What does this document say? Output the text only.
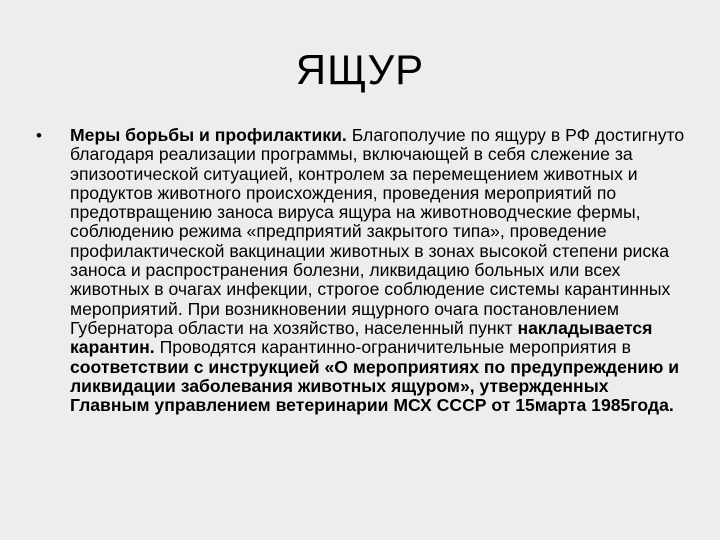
ЯЩУР
• Меры борьбы и профилактики. Благополучие по ящуру в РФ достигнуто благодаря реализации программы, включающей в себя слежение за эпизоотической ситуацией, контролем за перемещением животных и продуктов животного происхождения, проведения мероприятий по предотвращению заноса вируса ящура на животноводческие фермы, соблюдению режима «предприятий закрытого типа», проведение профилактической вакцинации животных в зонах высокой степени риска заноса и распространения болезни, ликвидацию больных или всех животных в очагах инфекции, строгое соблюдение системы карантинных мероприятий. При возникновении ящурного очага постановлением Губернатора области на хозяйство, населенный пункт накладывается карантин. Проводятся карантинно-ограничительные мероприятия в соответствии с инструкцией «О мероприятиях по предупреждению и ликвидации заболевания животных ящуром», утвержденных Главным управлением ветеринарии МСХ СССР от 15марта 1985года.
